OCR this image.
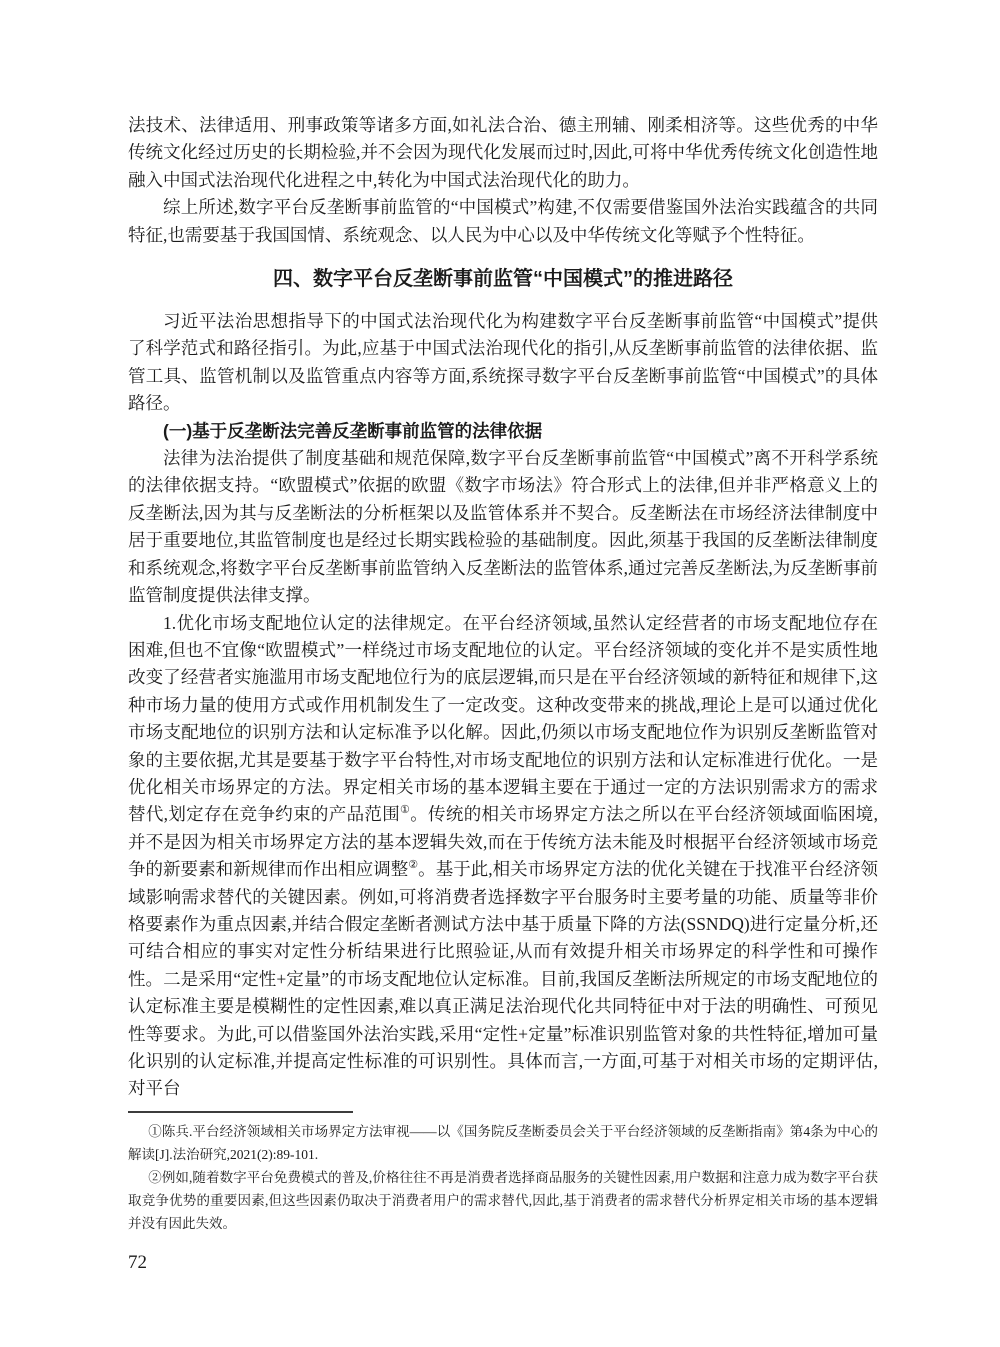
法技术、法律适用、刑事政策等诸多方面,如礼法合治、德主刑辅、刚柔相济等。这些优秀的中华传统文化经过历史的长期检验,并不会因为现代化发展而过时,因此,可将中华优秀传统文化创造性地融入中国式法治现代化进程之中,转化为中国式法治现代化的助力。

综上所述,数字平台反垄断事前监管的“中国模式”构建,不仅需要借鉴国外法治实践蕴含的共同特征,也需要基于我国国情、系统观念、以人民为中心以及中华传统文化等赋予个性特征。

四、数字平台反垄断事前监管“中国模式”的推进路径

习近平法治思想指导下的中国式法治现代化为构建数字平台反垄断事前监管“中国模式”提供了科学范式和路径指引。为此,应基于中国式法治现代化的指引,从反垄断事前监管的法律依据、监管工具、监管机制以及监管重点内容等方面,系统探寻数字平台反垄断事前监管“中国模式”的具体路径。

(一)基于反垄断法完善反垄断事前监管的法律依据

法律为法治提供了制度基础和规范保障,数字平台反垄断事前监管“中国模式”离不开科学系统的法律依据支持。“欧盟模式”依据的欧盟《数字市场法》符合形式上的法律,但并非严格意义上的反垄断法,因为其与反垄断法的分析框架以及监管体系并不契合。反垄断法在市场经济法律制度中居于重要地位,其监管制度也是经过长期实践检验的基础制度。因此,须基于我国的反垄断法律制度和系统观念,将数字平台反垄断事前监管纳入反垄断法的监管体系,通过完善反垄断法,为反垄断事前监管制度提供法律支撑。

1.优化市场支配地位认定的法律规定。在平台经济领域,虽然认定经营者的市场支配地位存在困难,但也不宜像“欧盟模式”一样绕过市场支配地位的认定。平台经济领域的变化并不是实质性地改变了经营者实施滥用市场支配地位行为的底层逻辑,而只是在平台经济领域的新特征和规律下,这种市场力量的使用方式或作用机制发生了一定改变。这种改变带来的挑战,理论上是可以通过优化市场支配地位的识别方法和认定标准予以化解。因此,仍须以市场支配地位作为识别反垄断监管对象的主要依据,尤其是要基于数字平台特性,对市场支配地位的识别方法和认定标准进行优化。一是优化相关市场界定的方法。界定相关市场的基本逻辑主要在于通过一定的方法识别需求方的需求替代,划定存在竞争约束的产品范围①。传统的相关市场界定方法之所以在平台经济领域面临困境,并不是因为相关市场界定方法的基本逻辑失效,而在于传统方法未能及时根据平台经济领域市场竞争的新要素和新规律而作出相应调整②。基于此,相关市场界定方法的优化关键在于找准平台经济领域影响需求替代的关键因素。例如,可将消费者选择数字平台服务时主要考量的功能、质量等非价格要素作为重点因素,并结合假定垄断者测试方法中基于质量下降的方法(SSNDQ)进行定量分析,还可结合相应的事实对定性分析结果进行比照验证,从而有效提升相关市场界定的科学性和可操作性。二是采用“定性+定量”的市场支配地位认定标准。目前,我国反垄断法所规定的市场支配地位的认定标准主要是模糊性的定性因素,难以真正满足法治现代化共同特征中对于法的明确性、可预见性等要求。为此,可以借鉴国外法治实践,采用“定性+定量”标准识别监管对象的共性特征,增加可量化识别的认定标准,并提高定性标准的可识别性。具体而言,一方面,可基于对相关市场的定期评估,对平台

①陈兵.平台经济领域相关市场界定方法审视——以《国务院反垄断委员会关于平台经济领域的反垄断指南》第4条为中心的解读[J].法治研究,2021(2):89-101.

②例如,随着数字平台免费模式的普及,价格往往不再是消费者选择商品服务的关键性因素,用户数据和注意力成为数字平台获取竞争优势的重要因素,但这些因素仍取决于消费者用户的需求替代,因此,基于消费者的需求替代分析界定相关市场的基本逻辑并没有因此失效。

72
